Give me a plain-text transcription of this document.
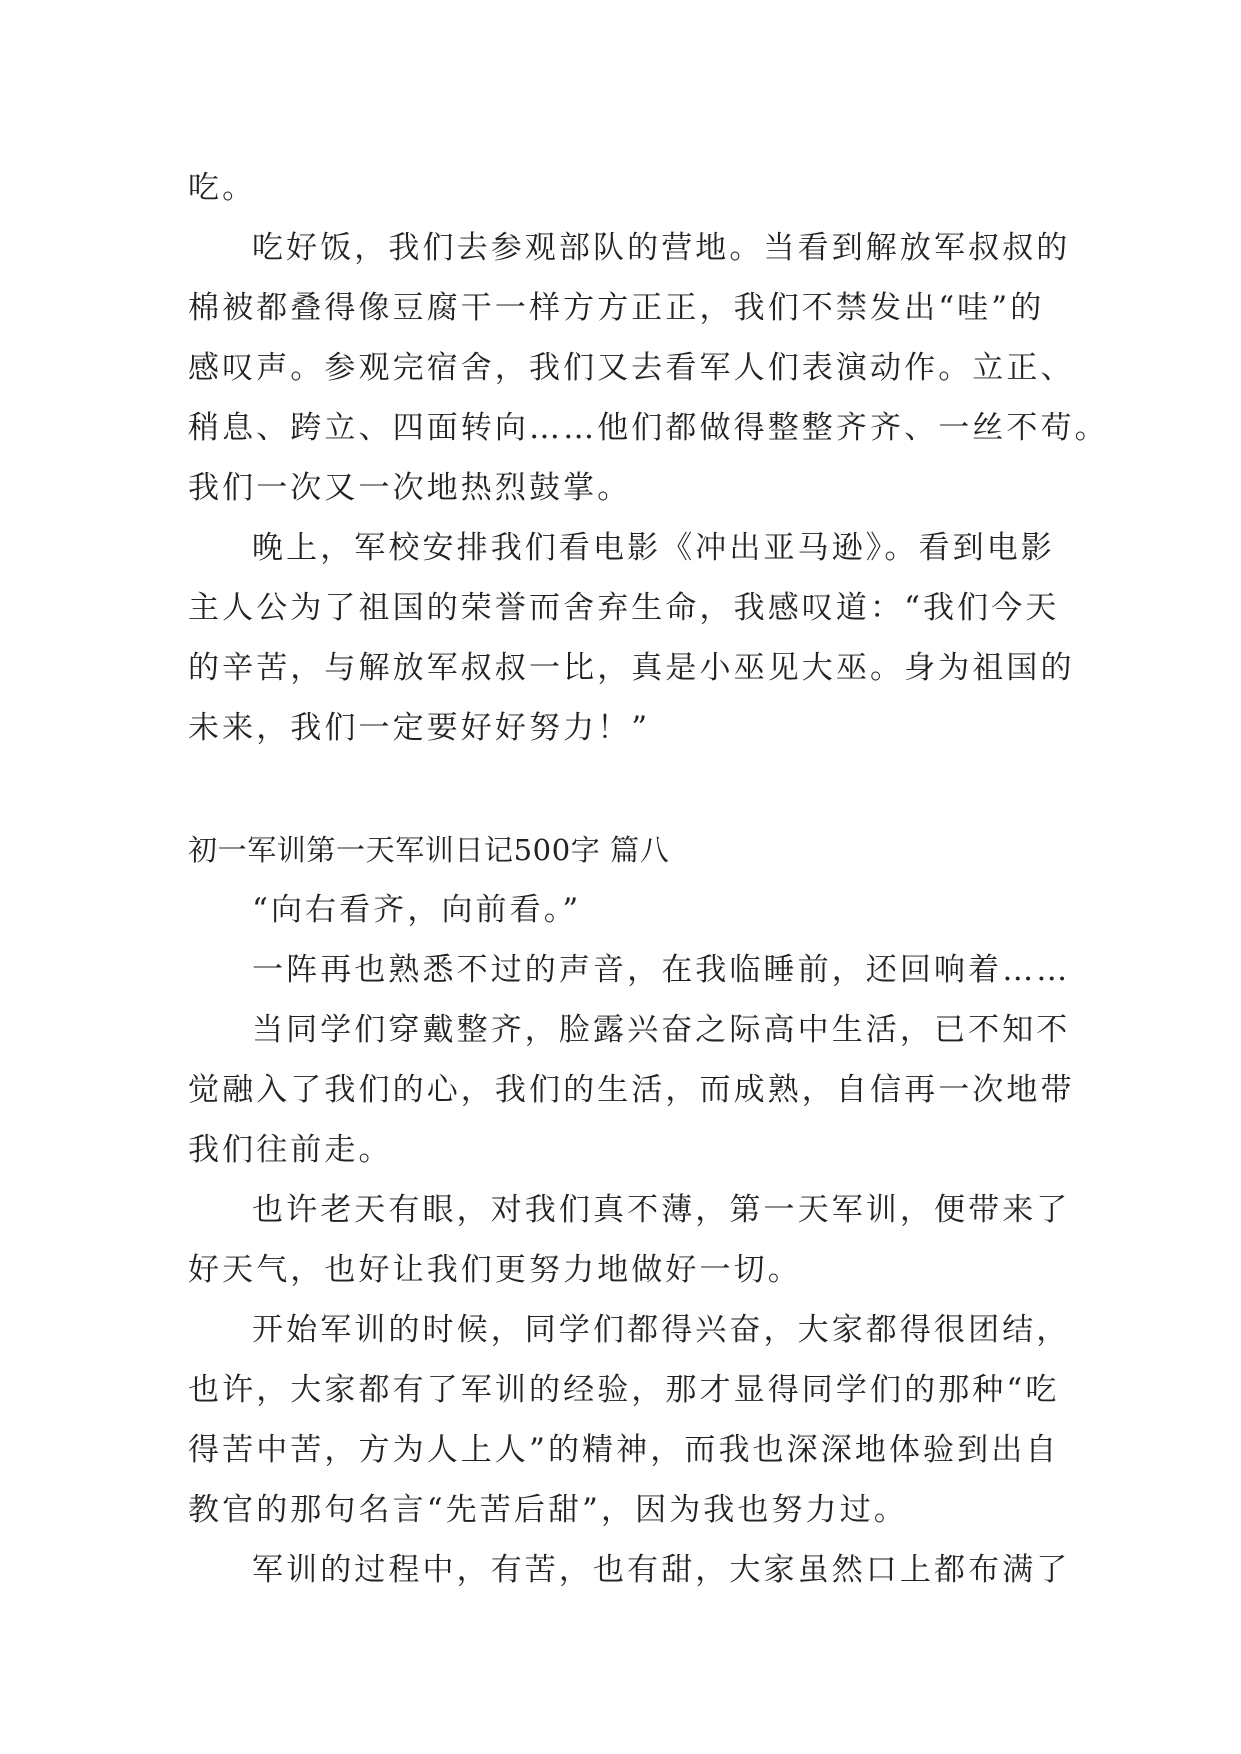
吃。

吃好饭，我们去参观部队的营地。当看到解放军叔叔的

棉被都叠得像豆腐干一样方方正正，我们不禁发出“哇”的

感叹声。参观完宿舍，我们又去看军人们表演动作。立正、

稍息、跨立、四面转向……他们都做得整整齐齐、一丝不苟。

我们一次又一次地热烈鼓掌。

晚上，军校安排我们看电影《冲出亚马逊》。看到电影

主人公为了祖国的荣誉而舍弃生命，我感叹道：“我们今天

的辛苦，与解放军叔叔一比，真是小巫见大巫。身为祖国的

未来，我们一定要好好努力！”

初一军训第一天军训日记500字 篇八

“向右看齐，向前看。”

一阵再也熟悉不过的声音，在我临睡前，还回响着……

当同学们穿戴整齐，脸露兴奋之际高中生活，已不知不

觉融入了我们的心，我们的生活，而成熟，自信再一次地带

我们往前走。

也许老天有眼，对我们真不薄，第一天军训，便带来了

好天气，也好让我们更努力地做好一切。

开始军训的时候，同学们都得兴奋，大家都得很团结，

也许，大家都有了军训的经验，那才显得同学们的那种“吃

得苦中苦，方为人上人”的精神，而我也深深地体验到出自

教官的那句名言“先苦后甜”，因为我也努力过。

军训的过程中，有苦，也有甜，大家虽然口上都布满了
